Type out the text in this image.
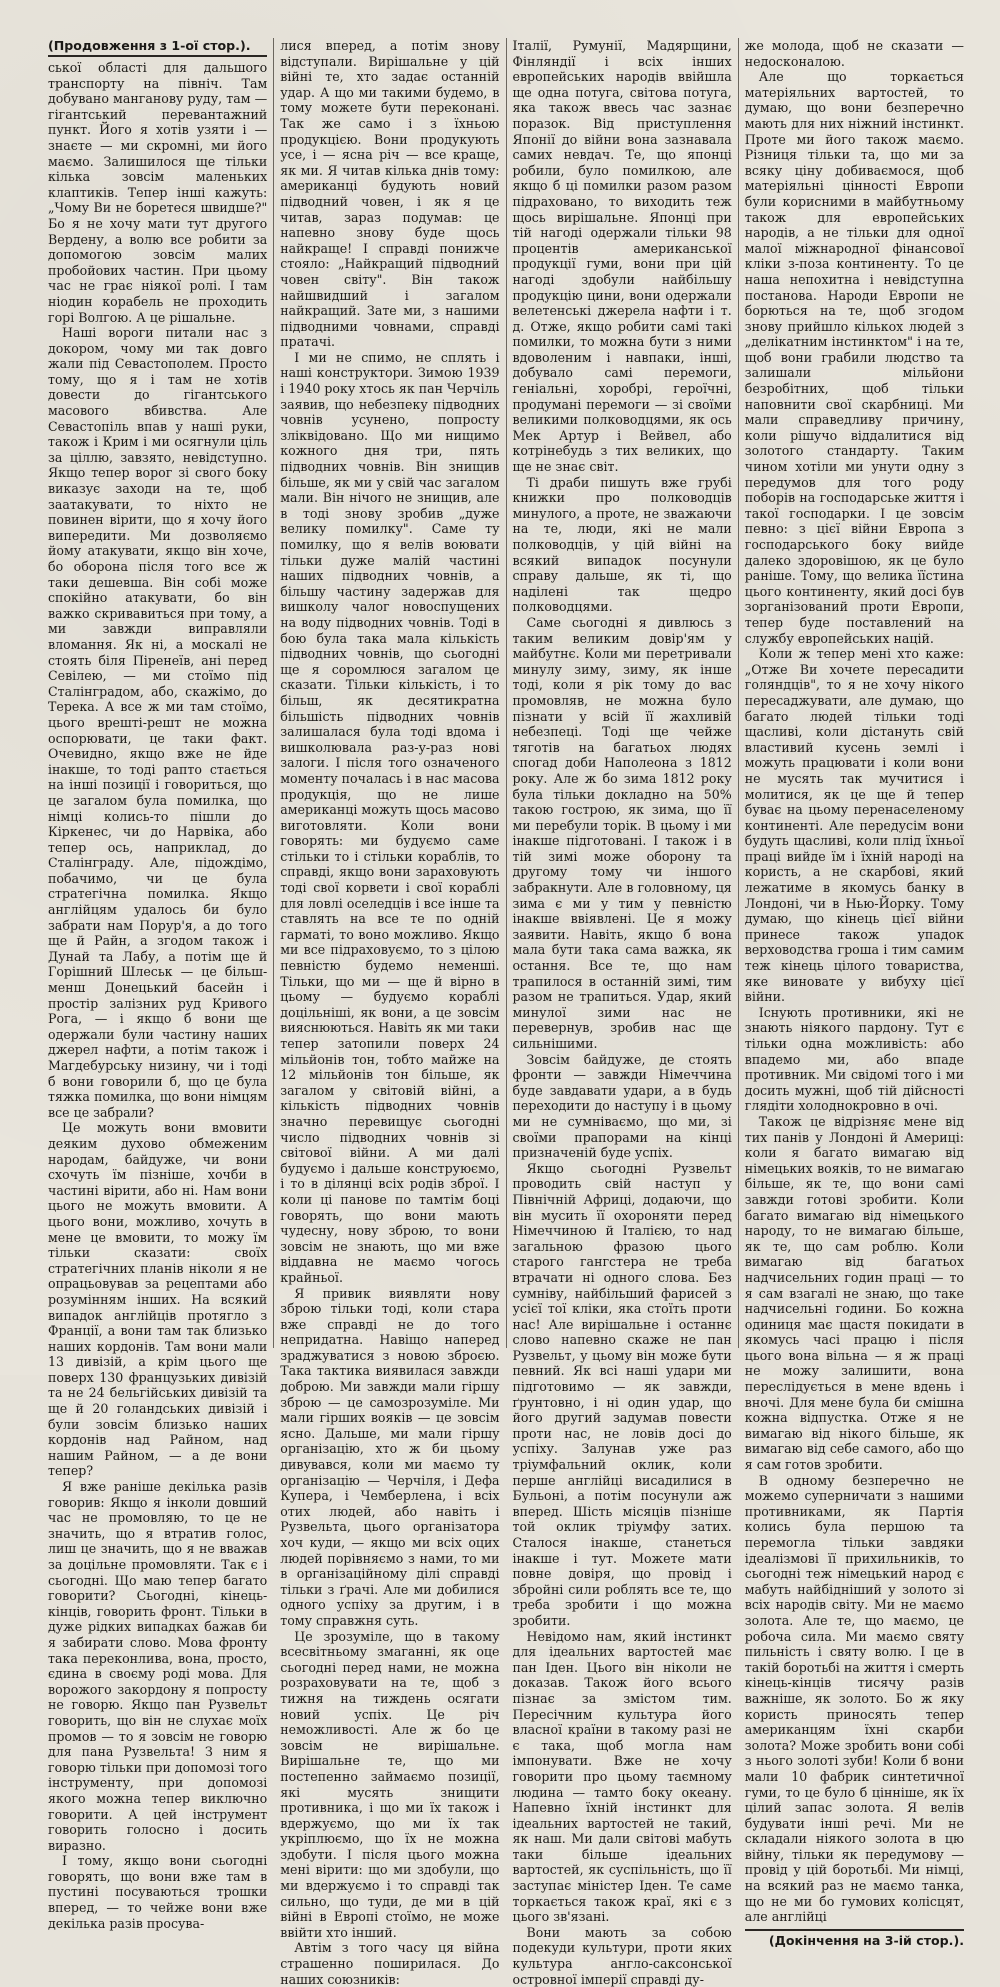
(Продовження з 1-ої стор.).

ської області для дальшого транспорту на північ. Там добувано манганову руду, там — гігантський перевантажний пункт. Його я хотів узяти і — знаєте — ми скромні, ми його маємо. Залишилося ще тільки кілька зовсім маленьких клаптиків. Тепер інші кажуть: „Чому Ви не боретеся швидше?" Бо я не хочу мати тут другого Вердену, а волю все робити за допомогою зовсім малих пробойових частин. При цьому час не грає ніякої ролі. І там ніодин корабель не проходить горі Волгою. А це рішальне.

Наші вороги питали нас з докором, чому ми так довго жали під Севастополем. Просто тому, що я і там не хотів довести до гігантського масового вбивства. Але Севастопіль впав у наші руки, також і Крим і ми осягнули ціль за ціллю, завзято, невідступно. Якщо тепер ворог зі свого боку виказує заходи на те, щоб заатакувати, то ніхто не повинен вірити, що я хочу його випередити. Ми дозволяємо йому атакувати, якщо він хоче, бо оборона після того все ж таки дешевша. Він собі може спокійно атакувати, бо він важко скривавиться при тому, а ми завжди виправляли вломання. Як ні, а москалі не стоять біля Піренеїв, ані перед Севілею, — ми стоїмо під Сталінградом, або, скажімо, до Терека. А все ж ми там стоїмо, цього врешті-решт не можна оспорювати, це таки факт. Очевидно, якщо вже не йде інакше, то тоді рапто стається на інші позиції і говориться, що це загалом була помилка, що німці колись-то пішли до Кіркенес, чи до Нарвіка, або тепер ось, наприклад, до Сталінграду. Але, підождімо, побачимо, чи це була стратегічна помилка. Якщо англійцям удалось би було забрати нам Порур'я, а до того ще й Райн, а згодом також і Дунай та Лабу, а потім ще й Горішний Шлеськ — це більш-менш Донецький басейн і простір залізних руд Кривого Рога, — і якщо б вони ще одержали були частину наших джерел нафти, а потім також і Магдебурську низину, чи і тоді б вони говорили б, що це була тяжка помилка, що вони німцям все це забрали?

Це можуть вони вмовити деяким духово обмеженим народам, байдуже, чи вони схочуть їм пізніше, хочби в частині вірити, або ні. Нам вони цього не можуть вмовити. А цього вони, можливо, хочуть в мене це вмовити, то можу їм тільки сказати: своїх стратегічних планів ніколи я не опрацьовував за рецептами або розумінням інших. На всякий випадок англійців протягло з Франції, а вони там так близько наших кордонів. Там вони мали 13 дивізій, а крім цього ще поверх 130 французьких дивізій та не 24 бельгійських дивізій та ще й 20 голандських дивізій і були зовсім близько наших кордонів над Райном, над нашим Райном, — а де вони тепер?

Я вже раніше декілька разів говорив: Якщо я інколи довший час не промовляю, то це не значить, що я втратив голос, лиш це значить, що я не вважав за доцільне промовляти. Так є і сьогодні. Що маю тепер багато говорити? Сьогодні, кінець-кінців, говорить фронт. Тільки в дуже рідких випадках бажав би я забирати слово. Мова фронту така переконлива, вона, просто, єдина в своєму роді мова. Для ворожого закордону я попросту не говорю. Якщо пан Рузвельт говорить, що він не слухає моїх промов — то я зовсім не говорю для пана Рузвельта! З ним я говорю тільки при допомозі того інструменту, при допомозі якого можна тепер виключно говорити. А цей інструмент говорить голосно і досить виразно.

І тому, якщо вони сьогодні говорять, що вони вже там в пустині посуваються трошки вперед, — то чейже вони вже декілька разів просува-

лися вперед, а потім знову відступали. Вирішальне у цій війні те, хто задає останній удар. А що ми такими будемо, в тому можете бути переконані. Так же само і з їхньою продукцією. Вони продукують усе, і — ясна річ — все краще, як ми. Я читав кілька днів тому: американці будують новий підводний човен, і як я це читав, зараз подумав: це напевно знову буде щось найкраще! І справді понижче стояло: „Найкращий підводний човен світу". Він також найшвидший і загалом найкращий. Зате ми, з нашими підводними човнами, справді пратачі.

І ми не спимо, не сплять і наші конструктори. Зимою 1939 і 1940 року хтось як пан Черчіль заявив, що небезпеку підводних човнів усунено, попросту зліквідовано. Що ми нищимо кожного дня три, пять підводних човнів. Він знищив більше, як ми у свій час загалом мали. Він нічого не знищив, але в тоді знову зробив „дуже велику помилку". Саме ту помилку, що я велів воювати тільки дуже малій частині наших підводних човнів, а більшу частину задержав для вишколу чалог новоспущених на воду підводних човнів. Тоді в бою була така мала кількість підводних човнів, що сьогодні ще я соромлюся загалом це сказати. Тільки кількість, і то більш, як десятикратна більшість підводних човнів залишалася була тоді вдома і вишколювала раз-у-раз нові залоги. І після того означеного моменту почалась і в нас масова продукція, що не лише американці можуть щось масово виготовляти. Коли вони говорять: ми будуємо саме стільки то і стільки кораблів, то справді, якщо вони зараховують тоді свої корвети і свої кораблі для ловлі оселедців і все інше та ставлять на все те по одній гарматі, то воно можливо. Якщо ми все підраховуємо, то з цілою певністю будемо неменші. Тільки, що ми — ще й вірно в цьому — будуємо кораблі доцільніші, як вони, а це зовсім вияснюються. Навіть як ми таки тепер затопили поверх 24 мільйонів тон, тобто майже на 12 мільйонів тон більше, як загалом у світовій війні, а кількість підводних човнів значно перевищує сьогодні число підводних човнів зі світової війни. А ми далі будуємо і дальше конструюємо, і то в ділянці всіх родів зброї. І коли ці панове по тамтім боці говорять, що вони мають чудесну, нову зброю, то вони зовсім не знають, що ми вже віддавна не маємо чогось крайньої.

Я привик виявляти нову зброю тільки тоді, коли стара вже справді не до того непридатна. Навіщо наперед зраджуватися з новою зброєю. Така тактика виявилася завжди доброю. Ми завжди мали гіршу зброю — це самозрозуміле. Ми мали гірших вояків — це зовсім ясно. Дальше, ми мали гіршу організацію, хто ж би цьому дивувався, коли ми маємо ту організацію — Черчіля, і Дефа Купера, і Чемберлена, і всіх отих людей, або навіть і Рузвельта, цього організатора хоч куди, — якщо ми всіх оцих людей порівняємо з нами, то ми в організаційному ділі справді тільки з ґрачі. Але ми добилися одного успіху за другим, і в тому справжня суть.

Це зрозуміле, що в такому всесвітньому змаганні, як оце сьогодні перед нами, не можна розраховувати на те, щоб з тижня на тиждень осягати новий успіх. Це річ неможливості. Але ж бо це зовсім не вирішальне. Вирішальне те, що ми постепенно займаємо позиції, які мусять знищити противника, і що ми їх також і вдержуємо, що ми їх так укріплюємо, що їх не можна здобути. І після цього можна мені вірити: що ми здобули, що ми вдержуємо і то справді так сильно, що туди, де ми в цій війні в Европі стоїмо, не може ввійти хто інший.

Автім з того часу ця війна страшенно поширилася. До наших союзників:

Італії, Румунії, Мадярщини, Фінляндії і всіх інших европейських народів ввійшла ще одна потуга, світова потуга, яка також ввесь час зазнає поразок. Від приступлення Японії до війни вона зазнавала самих невдач. Те, що японці робили, було помилкою, але якщо б ці помилки разом разом підраховано, то виходить теж щось вирішальне. Японці при тій нагоді одержали тільки 98 процентів американської продукції гуми, вони при цій нагоді здобули найбільшу продукцію цини, вони одержали велетенські джерела нафти і т. д. Отже, якщо робити самі такі помилки, то можна бути з ними вдоволеним і навпаки, інші, добувало самі перемоги, геніальні, хоробрі, героїчні, продумані перемоги — зі своїми великими полководцями, як ось Мек Артур і Вейвел, або котрінебудь з тих великих, що ще не знає світ.

Ті драби пишуть вже грубі книжки про полководців минулого, а проте, не зважаючи на те, люди, які не мали полководців, у цій війні на всякий випадок посунули справу дальше, як ті, що наділені так щедро полководцями.

Саме сьогодні я дивлюсь з таким великим довір'ям у майбутнє. Коли ми перетривали минулу зиму, зиму, як інше тоді, коли я рік тому до вас промовляв, не можна було пізнати у всій її жахливій небезпеці. Тоді ще чейже тяготів на багатьох людях спогад доби Наполеона з 1812 року. Але ж бо зима 1812 року була тільки докладно на 50% такою гострою, як зима, що її ми перебули торік. В цьому і ми інакше підготовані. І також і в тій зимі може оборону та другому тому чи іншого забракнути. Але в головному, ця зима є ми у тим у певністю інакше ввіявлені. Це я можу заявити. Навіть, якщо б вона мала бути така сама важка, як остання. Все те, що нам трапилося в останній зимі, тим разом не трапиться. Удар, який минулої зими нас не перевернув, зробив нас ще сильнішими.

Зовсім байдуже, де стоять фронти — завжди Німеччина буде завдавати удари, а в будь переходити до наступу і в цьому ми не сумніваємо, що ми, зі своїми прапорами на кінці призначеній буде успіх.

Якщо сьогодні Рузвельт проводить свій наступ у Північній Африці, додаючи, що він мусить її охороняти перед Німеччиною й Італією, то над загальною фразою цього старого гангстера не треба втрачати ні одного слова. Без сумніву, найбільший фарисей з усієї тої кліки, яка стоїть проти нас! Але вирішальне і останнє слово напевно скаже не пан Рузвельт, у цьому він може бути певний. Як всі наші удари ми підготовимо — як завжди, ґрунтовно, і ні один удар, що його другий задумав повести проти нас, не ловів досі до успіху. Залунав уже раз тріумфальний оклик, коли перше англійці висадилися в Бульоні, а потім посунули аж вперед. Шість місяців пізніше той оклик тріумфу затих. Сталося інакше, станеться інакше і тут. Можете мати повне довіря, що провід і збройні сили роблять все те, що треба зробити і що можна зробити.

Невідомо нам, який інстинкт для ідеальних вартостей має пан Іден. Цього він ніколи не доказав. Також його всього пізнає за змістом тим. Пересічним культура його власної країни в такому разі не є така, щоб могла нам імпонувати. Вже не хочу говорити про цьому таємному людина — тамто боку океану. Напевно їхній інстинкт для ідеальних вартостей не такий, як наш. Ми дали світові мабуть таки більше ідеальних вартостей, як суспільність, що її заступає міністер Іден. Те саме торкається також краї, які є з цього зв'язані.

Вони мають за собою подекуди культури, проти яких культура англо-саксонської островної імперії справді ду-

же молода, щоб не сказати — недосконалою.

Але що торкається матеріяльних вартостей, то думаю, що вони безперечно мають для них ніжний інстинкт. Проте ми його також маємо. Різниця тільки та, що ми за всяку ціну добиваємося, щоб матеріяльні цінності Европи були корисними в майбутньому також для европейських народів, а не тільки для одної малої міжнародної фінансової кліки з-поза континенту. То це наша непохитна і невідступна постанова. Народи Европи не борються на те, щоб згодом знову прийшло кількох людей з „делікатним інстинктом" і на те, щоб вони грабили людство та залишали мільйони безробітних, щоб тільки наповнити свої скарбниці. Ми мали справедливу причину, коли рішучо віддалитися від золотого стандарту. Таким чином хотіли ми унути одну з передумов для того роду поборів на господарське життя і такої господарки. І це зовсім певно: з цієї війни Европа з господарського боку вийде далеко здоровішою, як це було раніше. Тому, що велика їїстина цього континенту, який досі був зорганізований проти Европи, тепер буде поставлений на службу европейських націй.

Коли ж тепер мені хто каже: „Отже Ви хочете пересадити голяндців", то я не хочу нікого пересаджувати, але думаю, що багато людей тільки тоді щасливі, коли дістануть свій властивий кусень землі і можуть працювати і коли вони не мусять так мучитися і молитися, як це ще й тепер буває на цьому перенаселеному континенті. Але передусім вони будуть щасливі, коли плід їхньої праці вийде їм і їхній народі на користь, а не скарбові, який лежатиме в якомусь банку в Лондоні, чи в Нью-Йорку. Тому думаю, що кінець цієї війни принесе також упадок верховодства гроша і тим самим теж кінець цілого товариства, яке виновате у вибуху цієї війни.

Існують противники, які не знають ніякого пардону. Тут є тільки одна можливість: або впадемо ми, або впаде противник. Ми свідомі того і ми досить мужні, щоб тій дійсності глядіти холоднокровно в очі.

Також це відрізняє мене від тих панів у Лондоні й Америці: коли я багато вимагаю від німецьких вояків, то не вимагаю більше, як те, що вони самі завжди готові зробити. Коли багато вимагаю від німецького народу, то не вимагаю більше, як те, що сам роблю. Коли вимагаю від багатьох надчисельних годин праці — то я сам взагалі не знаю, що таке надчисельні години. Бо кожна одиниця має щастя покидати в якомусь часі працю і після цього вона вільна — я ж праці не можу залишити, вона переслідується в мене вдень і вночі. Для мене була би смішна кожна відпустка. Отже я не вимагаю від нікого більше, як вимагаю від себе самого, або що я сам готов зробити.

В одному безперечно не можемо суперничати з нашими противниками, як Партія колись була першою та перемогла тільки завдяки ідеалізмові її прихильників, то сьогодні теж німецький народ є мабуть найбідніший у золото зі всіх народів світу. Ми не маємо золота. Але те, що маємо, це робоча сила. Ми маємо святу пильність і святу волю. І це в такій боротьбі на життя і смерть кінець-кінців тисячу разів важніше, як золото. Бо ж яку користь приносять тепер американцям їхні скарби золота? Може зробить вони собі з нього золоті зуби! Коли б вони мали 10 фабрик синтетичної гуми, то це було б цінніше, як їх цілий запас золота. Я велів будувати інші речі. Ми не складали ніякого золота в цю війну, тільки як передумову — провід у цій боротьбі. Ми німці, на всякий раз не маємо танка, що не ми бо гумових колісцят, але англійці

(Докінчення на 3-ій стор.).
